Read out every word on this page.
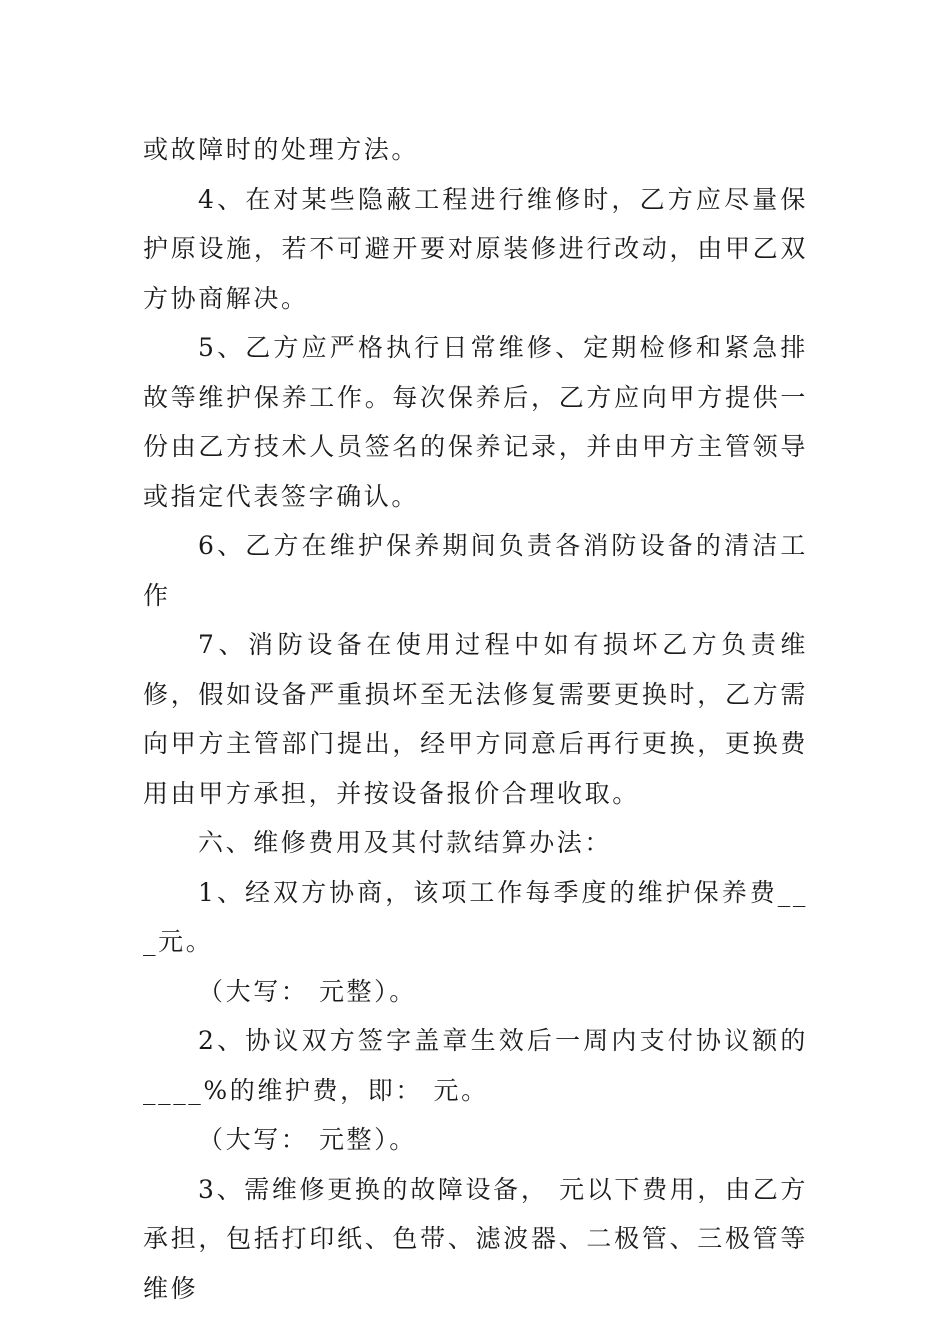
或故障时的处理方法。

4、在对某些隐蔽工程进行维修时，乙方应尽量保护原设施，若不可避开要对原装修进行改动，由甲乙双方协商解决。

5、乙方应严格执行日常维修、定期检修和紧急排故等维护保养工作。每次保养后，乙方应向甲方提供一份由乙方技术人员签名的保养记录，并由甲方主管领导或指定代表签字确认。

6、乙方在维护保养期间负责各消防设备的清洁工作

7、消防设备在使用过程中如有损坏乙方负责维修，假如设备严重损坏至无法修复需要更换时，乙方需向甲方主管部门提出，经甲方同意后再行更换，更换费用由甲方承担，并按设备报价合理收取。

六、维修费用及其付款结算办法：

1、经双方协商，该项工作每季度的维护保养费__ _元。

（大写： 元整）。

2、协议双方签字盖章生效后一周内支付协议额的____%的维护费，即： 元。

（大写： 元整）。

3、需维修更换的故障设备， 元以下费用，由乙方承担，包括打印纸、色带、滤波器、二极管、三极管等维修
